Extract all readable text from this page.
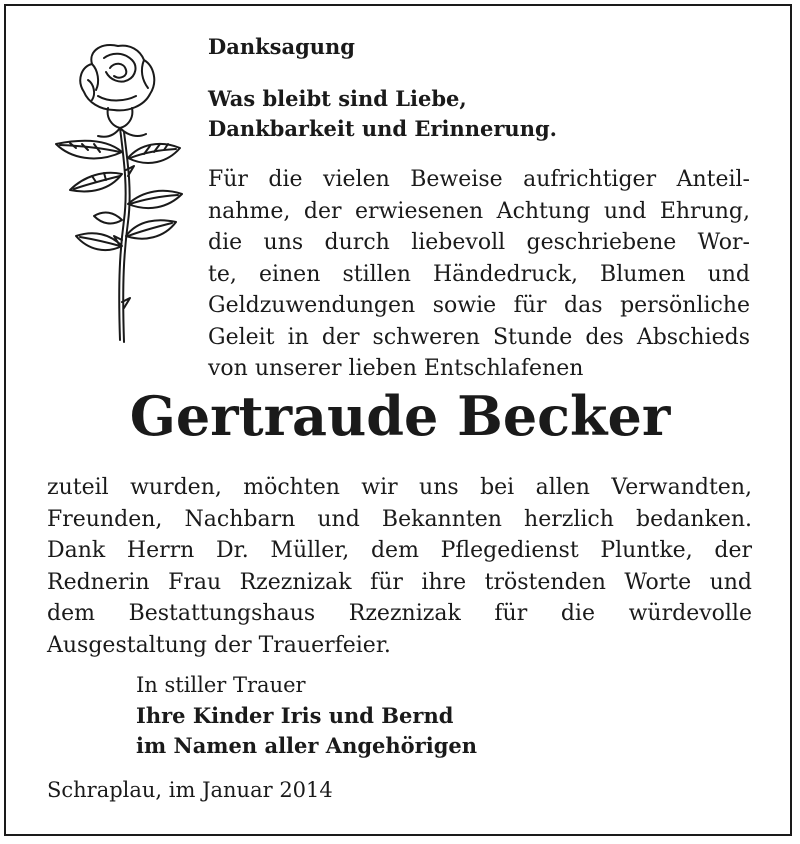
Danksagung
Was bleibt sind Liebe,
Dankbarkeit und Erinnerung.
Für die vielen Beweise aufrichtiger Anteil-
nahme, der erwiesenen Achtung und Ehrung,
die uns durch liebevoll geschriebene Wor-
te, einen stillen Händedruck, Blumen und
Geldzuwendungen sowie für das persönliche
Geleit in der schweren Stunde des Abschieds
von unserer lieben Entschlafenen
Gertraude Becker
zuteil wurden, möchten wir uns bei allen Verwandten,
Freunden, Nachbarn und Bekannten herzlich bedanken.
Dank Herrn Dr. Müller, dem Pflegedienst Pluntke, der
Rednerin Frau Rzeznizak für ihre tröstenden Worte und
dem Bestattungshaus Rzeznizak für die würdevolle
Ausgestaltung der Trauerfeier.
In stiller Trauer
Ihre Kinder Iris und Bernd
im Namen aller Angehörigen
Schraplau, im Januar 2014
